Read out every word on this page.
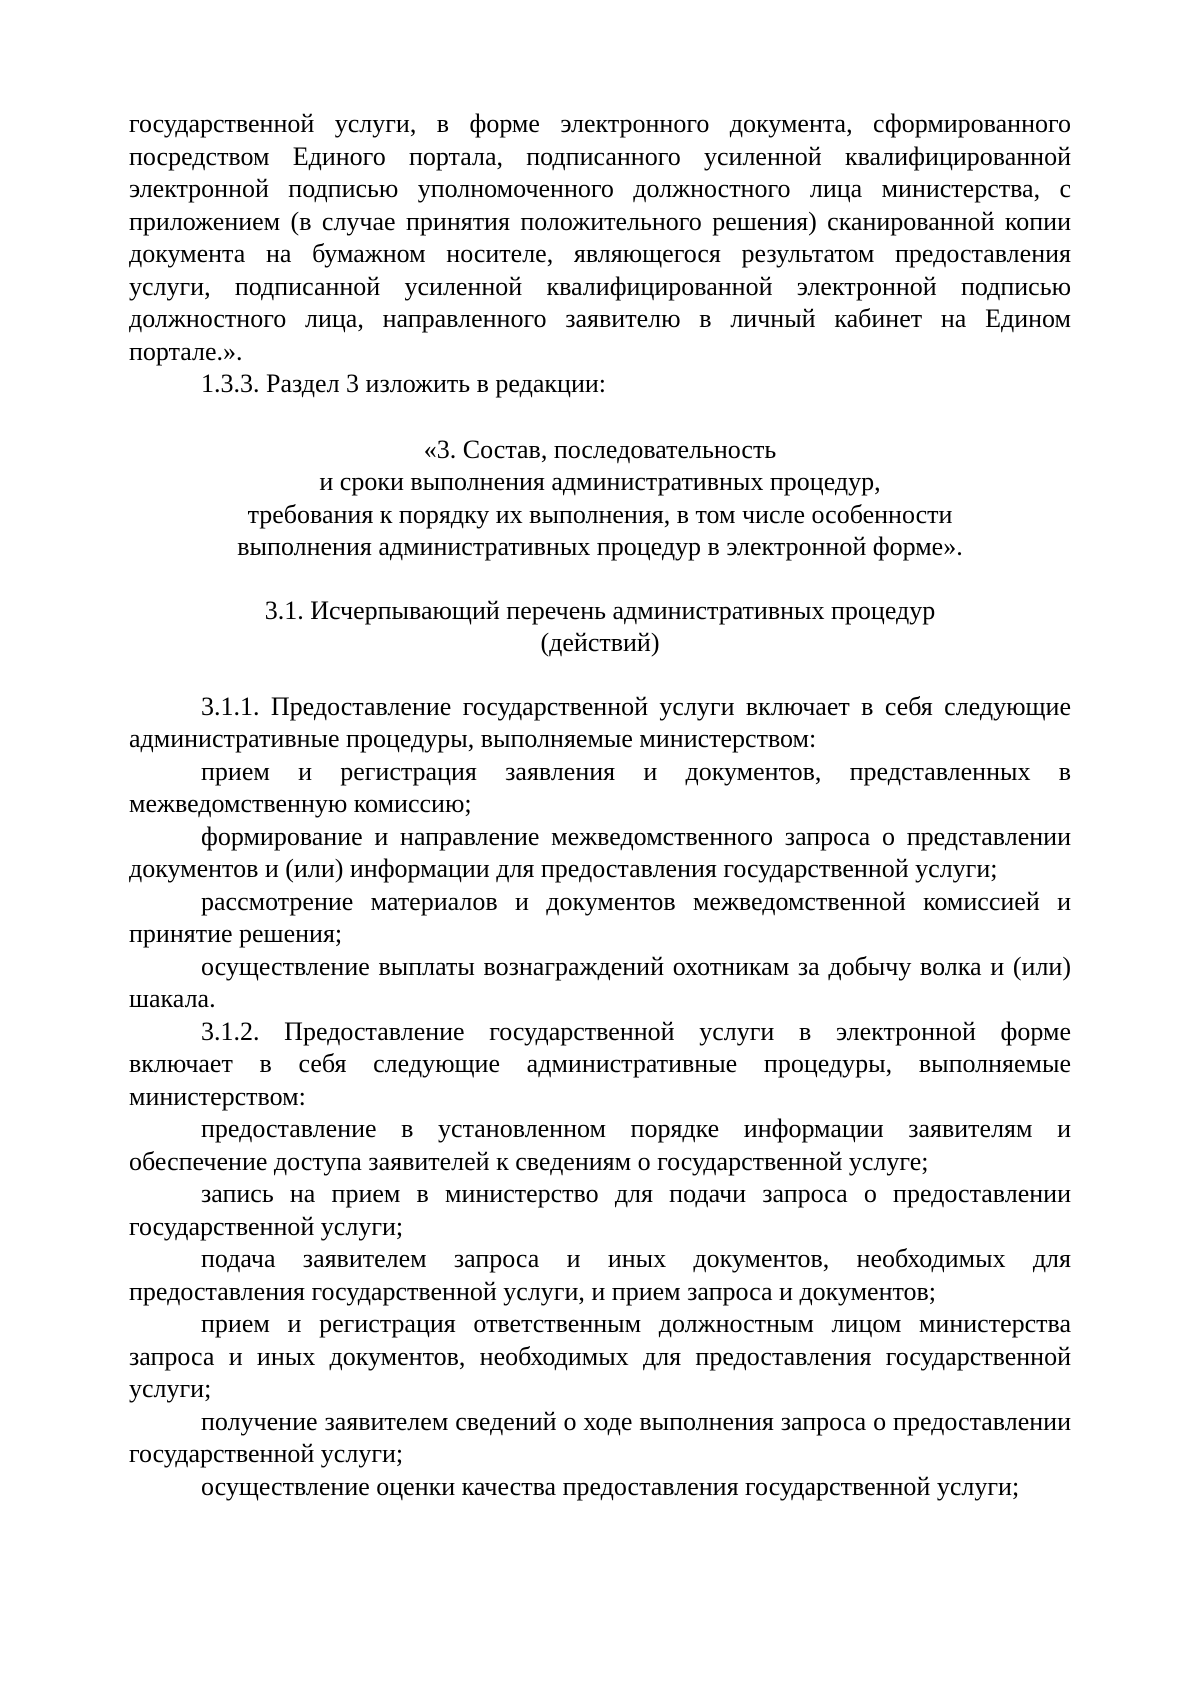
государственной услуги, в форме электронного документа, сформированного посредством Единого портала, подписанного усиленной квалифицированной электронной подписью уполномоченного должностного лица министерства, с приложением (в случае принятия положительного решения) сканированной копии документа на бумажном носителе, являющегося результатом предоставления услуги, подписанной усиленной квалифицированной электронной подписью должностного лица, направленного заявителю в личный кабинет на Едином портале.».

1.3.3. Раздел 3 изложить в редакции:

«3. Состав, последовательность
и сроки выполнения административных процедур,
требования к порядку их выполнения, в том числе особенности
выполнения административных процедур в электронной форме».

3.1. Исчерпывающий перечень административных процедур
(действий)

3.1.1. Предоставление государственной услуги включает в себя следующие административные процедуры, выполняемые министерством:

прием и регистрация заявления и документов, представленных в межведомственную комиссию;

формирование и направление межведомственного запроса о представлении документов и (или) информации для предоставления государственной услуги;

рассмотрение материалов и документов межведомственной комиссией и принятие решения;

осуществление выплаты вознаграждений охотникам за добычу волка и (или) шакала.

3.1.2. Предоставление государственной услуги в электронной форме включает в себя следующие административные процедуры, выполняемые министерством:

предоставление в установленном порядке информации заявителям и обеспечение доступа заявителей к сведениям о государственной услуге;

запись на прием в министерство для подачи запроса о предоставлении государственной услуги;

подача заявителем запроса и иных документов, необходимых для предоставления государственной услуги, и прием запроса и документов;

прием и регистрация ответственным должностным лицом министерства запроса и иных документов, необходимых для предоставления государственной услуги;

получение заявителем сведений о ходе выполнения запроса о предоставлении государственной услуги;

осуществление оценки качества предоставления государственной услуги;
